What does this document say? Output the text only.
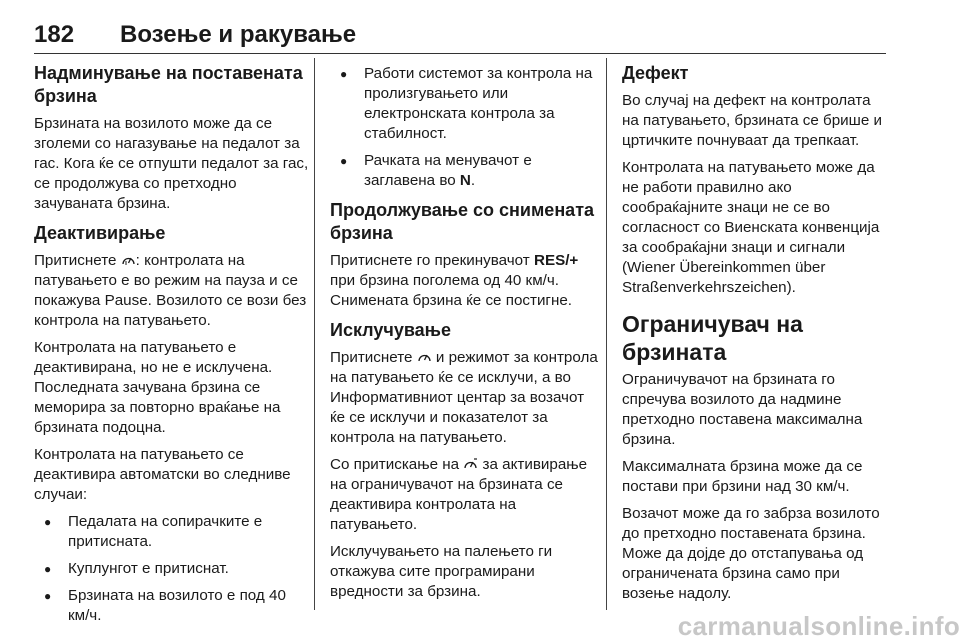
182	Возење и ракување
Надминување на поставената брзина

Брзината на возилото може да се зголеми со нагазување на педалот за гас. Кога ќе се отпушти педалот за гас, се продолжува со претходно зачуваната брзина.

Деактивирање

Притиснете : контролата на патувањето е во режим на пауза и се покажува Pause. Возилото се вози без контрола на патувањето.

Контролата на патувањето е деактивирана, но не е исклучена. Последната зачувана брзина се меморира за повторно враќање на брзината подоцна.

Контролата на патувањето се деактивира автоматски во следниве случаи:

● Педалата на сопирачките е притисната.
● Куплунгот е притиснат.
● Брзината на возилото е под 40 км/ч.
● Работи системот за контрола на пролизгувањето или електронската контрола за стабилност.
● Рачката на менувачот е заглавена во N.
Продолжување со снимената брзина

Притиснете го прекинувачот RES/+ при брзина поголема од 40 км/ч. Снимената брзина ќе се постигне.

Исклучување

Притиснете  и режимот за контрола на патувањето ќе се исклучи, а во Информативниот центар за возачот ќе се исклучи и показателот за контрола на патувањето.

Со притискање на  за активирање на ограничувачот на брзината се деактивира контролата на патувањето.

Исклучувањето на палењето ги откажува сите програмирани вредности за брзина.

Дефект

Во случај на дефект на контролата на патувањето, брзината се брише и цртичките почнуваат да трепкаат.

Контролата на патувањето може да не работи правилно ако сообраќајните знаци не се во согласност со Виенската конвенција за сообраќајни знаци и сигнали (Wiener Übereinkommen über Straßenverkehrszeichen).

Ограничувач на брзината

Ограничувачот на брзината го спречува возилото да надмине претходно поставена максимална брзина.

Максималната брзина може да се постави при брзини над 30 км/ч.

Возачот може да го забрза возилото до претходно поставената брзина. Може да дојде до отстапувања од ограничената брзина само при возење надолу.

carmanualsonline.info
